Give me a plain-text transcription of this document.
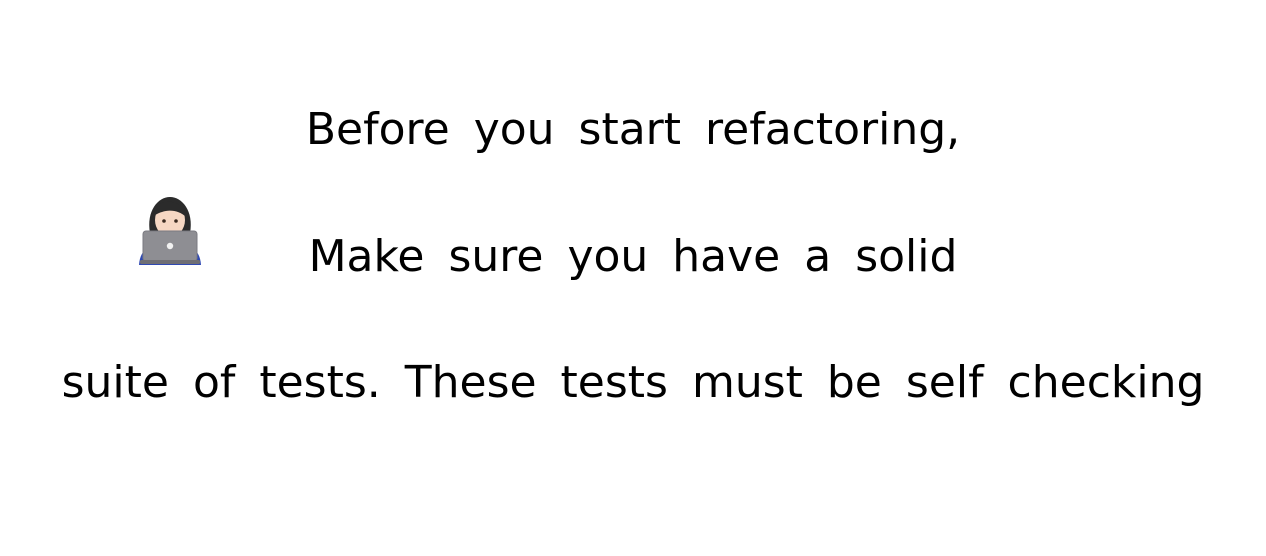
Before you start refactoring,
Make sure you have a solid
suite of tests. These tests must be self checking
